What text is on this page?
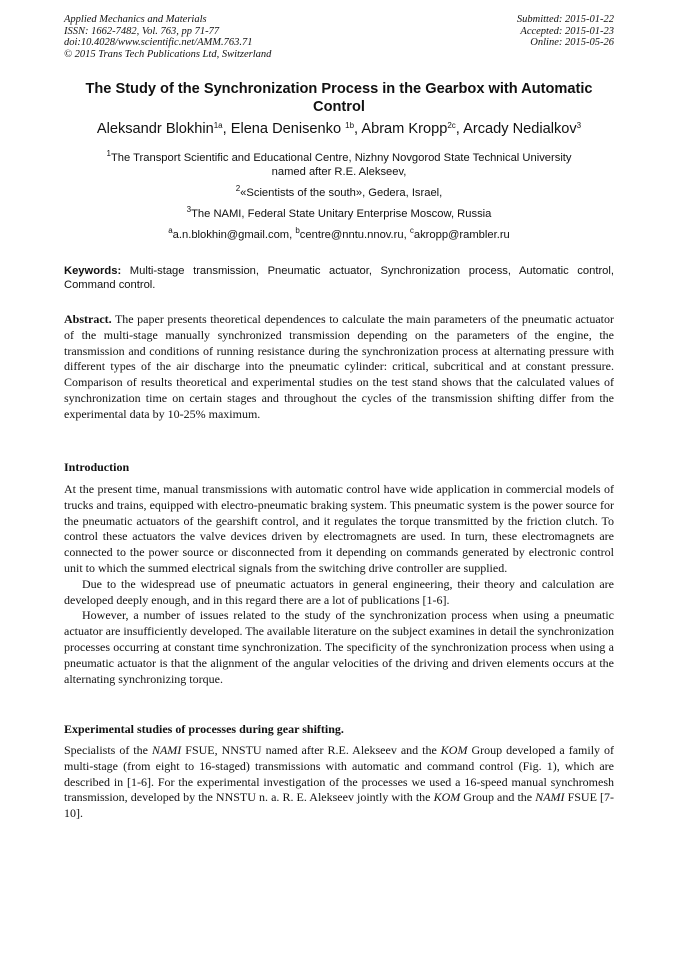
Applied Mechanics and Materials
ISSN: 1662-7482, Vol. 763, pp 71-77
doi:10.4028/www.scientific.net/AMM.763.71
© 2015 Trans Tech Publications Ltd, Switzerland
Submitted: 2015-01-22
Accepted: 2015-01-23
Online: 2015-05-26
The Study of the Synchronization Process in the Gearbox with Automatic Control
Aleksandr Blokhin$^{1a}$, Elena Denisenko $^{1b}$, Abram Kropp$^{2c}$, Arcady Nedialkov$^3$
$^1$The Transport Scientific and Educational Centre, Nizhny Novgorod State Technical University
named after R.E. Alekseev,
$^2$«Scientists of the south», Gedera, Israel,
$^3$The NAMI, Federal State Unitary Enterprise Moscow, Russia
$^a$a.n.blokhin@gmail.com, $^b$centre@nntu.nnov.ru, $^c$akropp@rambler.ru
Keywords: Multi-stage transmission, Pneumatic actuator, Synchronization process, Automatic control, Command control.
Abstract. The paper presents theoretical dependences to calculate the main parameters of the pneumatic actuator of the multi-stage manually synchronized transmission depending on the parameters of the engine, the transmission and conditions of running resistance during the synchronization process at alternating pressure with different types of the air discharge into the pneumatic cylinder: critical, subcritical and at constant pressure. Comparison of results theoretical and experimental studies on the test stand shows that the calculated values of synchronization time on certain stages and throughout the cycles of the transmission shifting differ from the experimental data by 10-25% maximum.
Introduction

At the present time, manual transmissions with automatic control have wide application in commercial models of trucks and trains, equipped with electro-pneumatic braking system. This pneumatic system is the power source for the pneumatic actuators of the gearshift control, and it regulates the torque transmitted by the friction clutch. To control these actuators the valve devices driven by electromagnets are used. In turn, these electromagnets are connected to the power source or disconnected from it depending on commands generated by electronic control unit to which the summed electrical signals from the switching drive controller are supplied.

Due to the widespread use of pneumatic actuators in general engineering, their theory and calculation are developed deeply enough, and in this regard there are a lot of publications [1-6].

However, a number of issues related to the study of the synchronization process when using a pneumatic actuator are insufficiently developed. The available literature on the subject examines in detail the synchronization processes occurring at constant time synchronization. The specificity of the synchronization process when using a pneumatic actuator is that the alignment of the angular velocities of the driving and driven elements occurs at the alternating synchronizing torque.

Experimental studies of processes during gear shifting.

Specialists of the NAMI FSUE, NNSTU named after R.E. Alekseev and the KOM Group developed a family of multi-stage (from eight to 16-staged) transmissions with automatic and command control (Fig. 1), which are described in [1-6]. For the experimental investigation of the processes we used a 16-speed manual synchromesh transmission, developed by the NNSTU n. a. R. E. Alekseev jointly with the KOM Group and the NAMI FSUE [7-10].
